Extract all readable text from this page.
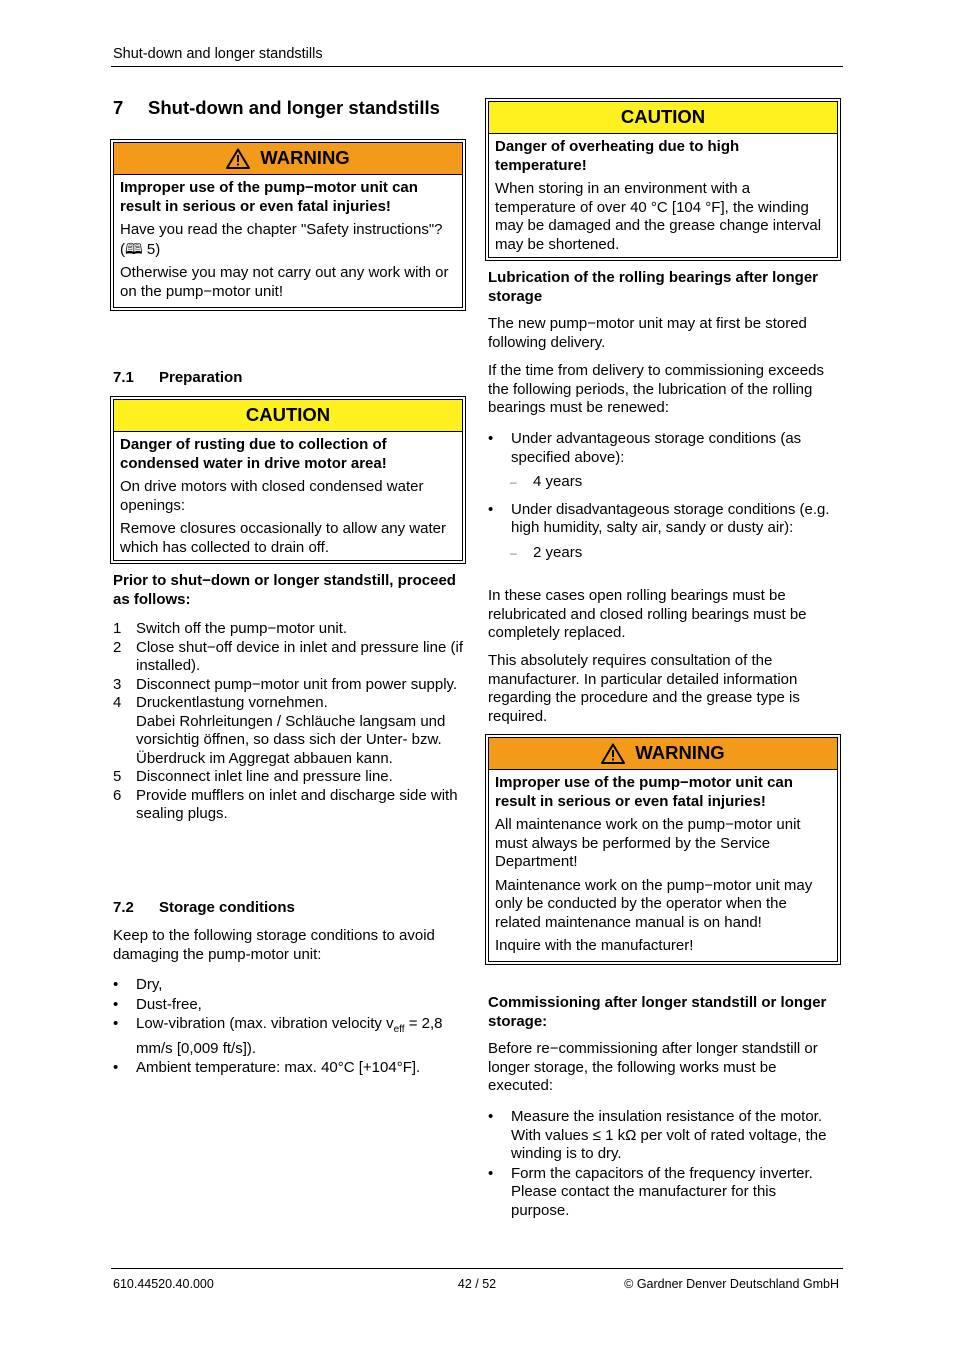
Shut-down and longer standstills
7 Shut-down and longer standstills
WARNING

Improper use of the pump−motor unit can result in serious or even fatal injuries!

Have you read the chapter "Safety instructions"? (🕮 5)

Otherwise you may not carry out any work with or on the pump−motor unit!

7.1 Preparation
CAUTION

Danger of rusting due to collection of condensed water in drive motor area!

On drive motors with closed condensed water openings:

Remove closures occasionally to allow any water which has collected to drain off.

Prior to shut−down or longer standstill, proceed as follows:

1 Switch off the pump−motor unit.
2 Close shut−off device in inlet and pressure line (if installed).
3 Disconnect pump−motor unit from power supply.
4 Druckentlastung vornehmen.
Dabei Rohrleitungen / Schläuche langsam und vorsichtig öffnen, so dass sich der Unter- bzw. Überdruck im Aggregat abbauen kann.
5 Disconnect inlet line and pressure line.
6 Provide mufflers on inlet and discharge side with sealing plugs.
7.2 Storage conditions

Keep to the following storage conditions to avoid damaging the pump-motor unit:

•	Dry,
•	Dust-free,
•	Low-vibration (max. vibration velocity $v_{eff} = 2,8$ mm/s [0,009 ft/s]).
•	Ambient temperature: max. 40°C [+104°F].
CAUTION

Danger of overheating due to high temperature!

When storing in an environment with a temperature of over 40 °C [104 °F], the winding may be damaged and the grease change interval may be shortened.

Lubrication of the rolling bearings after longer storage

The new pump−motor unit may at first be stored following delivery.

If the time from delivery to commissioning exceeds the following periods, the lubrication of the rolling bearings must be renewed:

•	Under advantageous storage conditions (as specified above):
–	4 years
•	Under disadvantageous storage conditions (e.g. high humidity, salty air, sandy or dusty air):
–	2 years

In these cases open rolling bearings must be relubricated and closed rolling bearings must be completely replaced.

This absolutely requires consultation of the manufacturer. In particular detailed information regarding the procedure and the grease type is required.

WARNING

Improper use of the pump−motor unit can result in serious or even fatal injuries!

All maintenance work on the pump−motor unit must always be performed by the Service Department!

Maintenance work on the pump−motor unit may only be conducted by the operator when the related maintenance manual is on hand!

Inquire with the manufacturer!

Commissioning after longer standstill or longer storage:

Before re−commissioning after longer standstill or longer storage, the following works must be executed:

•	Measure the insulation resistance of the motor. With values ≤ 1 kΩ per volt of rated voltage, the winding is to dry.
•	Form the capacitors of the frequency inverter. Please contact the manufacturer for this purpose.
610.44520.40.000	42 / 52	© Gardner Denver Deutschland GmbH
